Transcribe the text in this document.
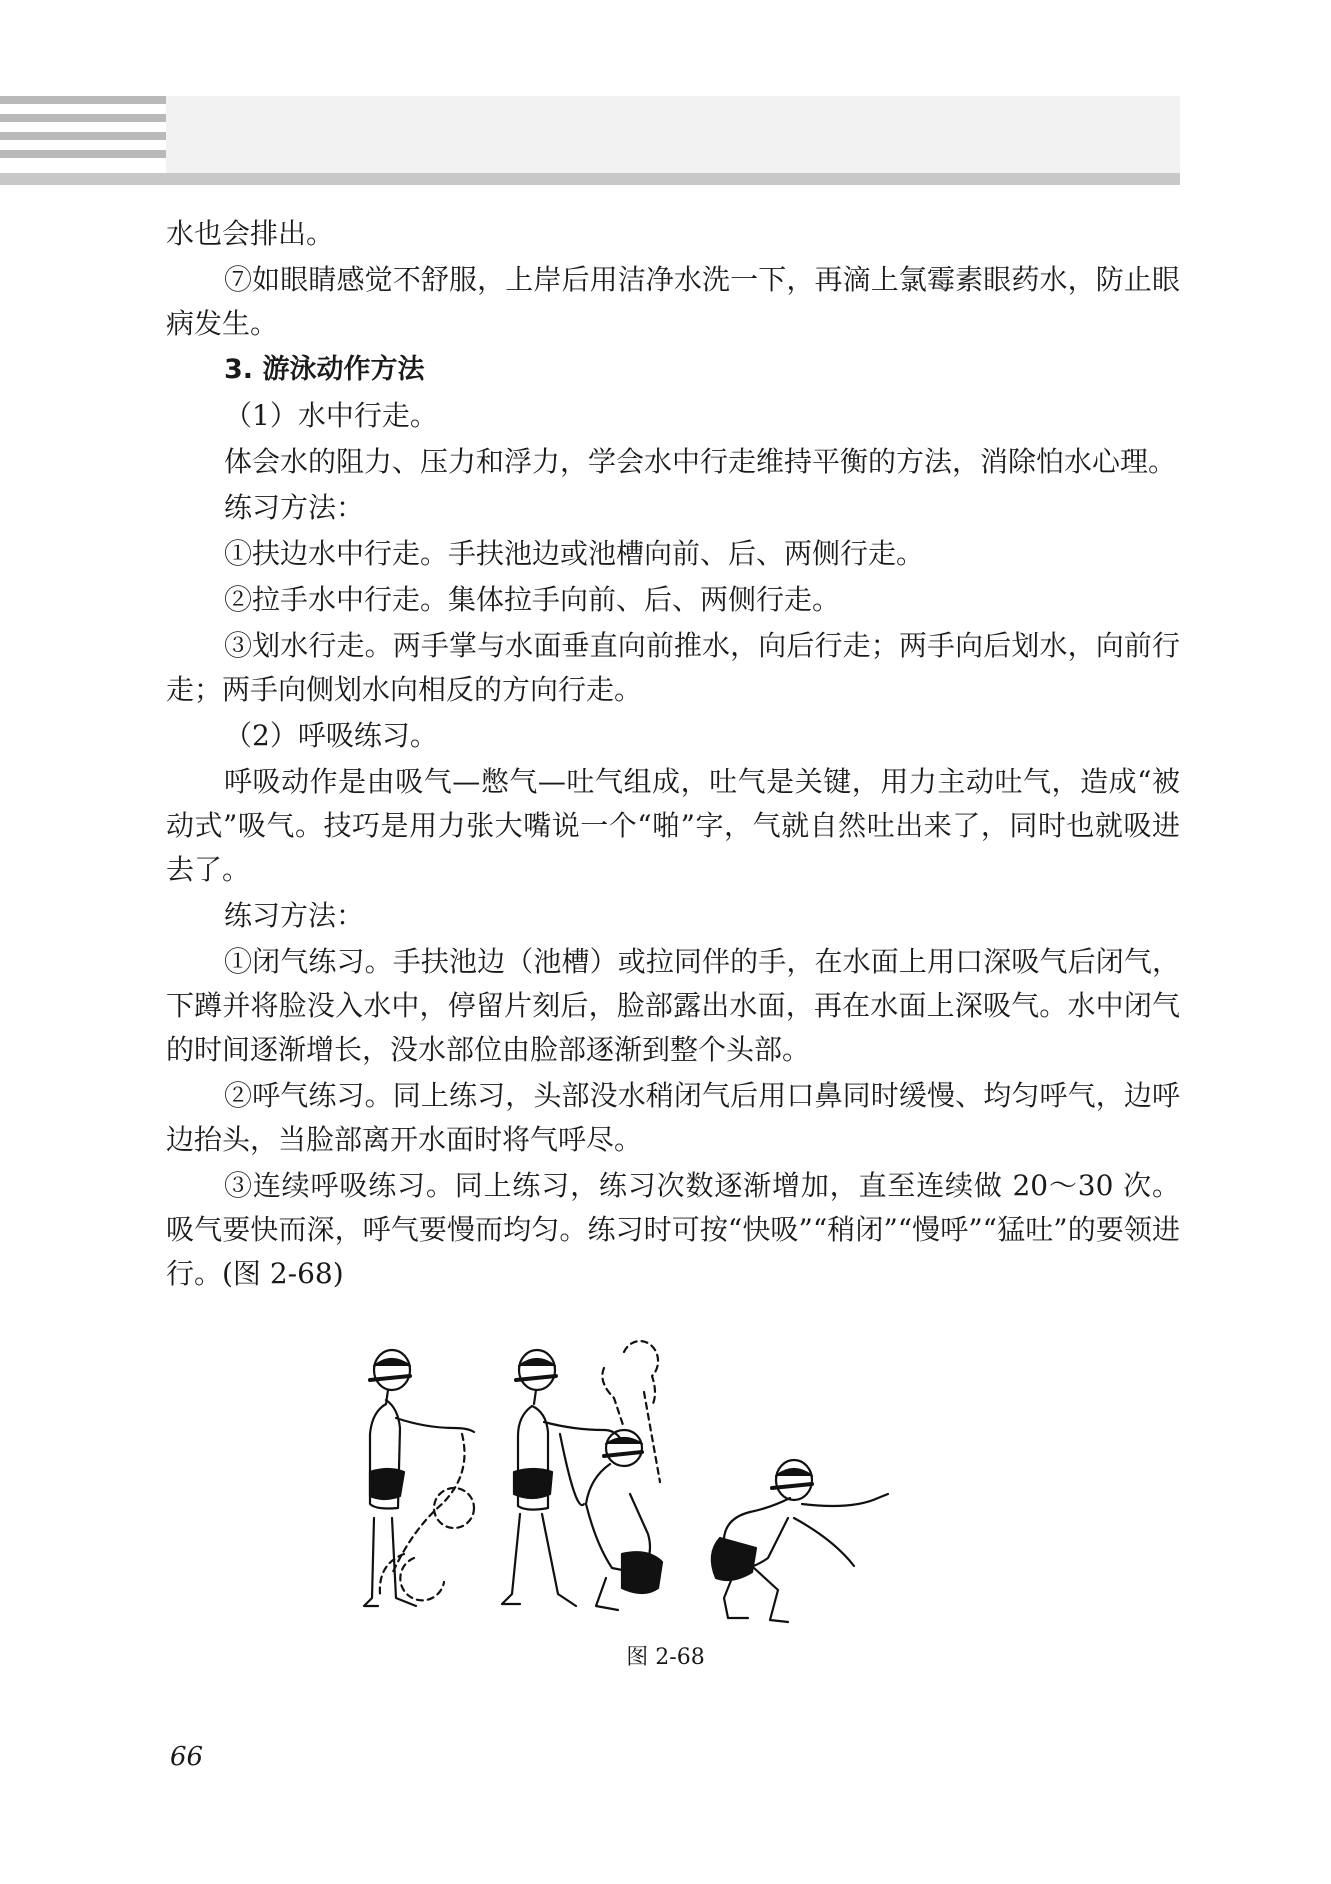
水也会排出。

⑦如眼睛感觉不舒服，上岸后用洁净水洗一下，再滴上氯霉素眼药水，防止眼病发生。

3. 游泳动作方法

（1）水中行走。

体会水的阻力、压力和浮力，学会水中行走维持平衡的方法，消除怕水心理。

练习方法：

①扶边水中行走。手扶池边或池槽向前、后、两侧行走。

②拉手水中行走。集体拉手向前、后、两侧行走。

③划水行走。两手掌与水面垂直向前推水，向后行走；两手向后划水，向前行走；两手向侧划水向相反的方向行走。

（2）呼吸练习。

呼吸动作是由吸气—憋气—吐气组成，吐气是关键，用力主动吐气，造成“被动式”吸气。技巧是用力张大嘴说一个“啪”字，气就自然吐出来了，同时也就吸进去了。

练习方法：

①闭气练习。手扶池边（池槽）或拉同伴的手，在水面上用口深吸气后闭气，下蹲并将脸没入水中，停留片刻后，脸部露出水面，再在水面上深吸气。水中闭气的时间逐渐增长，没水部位由脸部逐渐到整个头部。

②呼气练习。同上练习，头部没水稍闭气后用口鼻同时缓慢、均匀呼气，边呼边抬头，当脸部离开水面时将气呼尽。

③连续呼吸练习。同上练习，练习次数逐渐增加，直至连续做 20～30 次。吸气要快而深，呼气要慢而均匀。练习时可按“快吸”“稍闭”“慢呼”“猛吐”的要领进行。(图 2-68)

图 2-68
66
